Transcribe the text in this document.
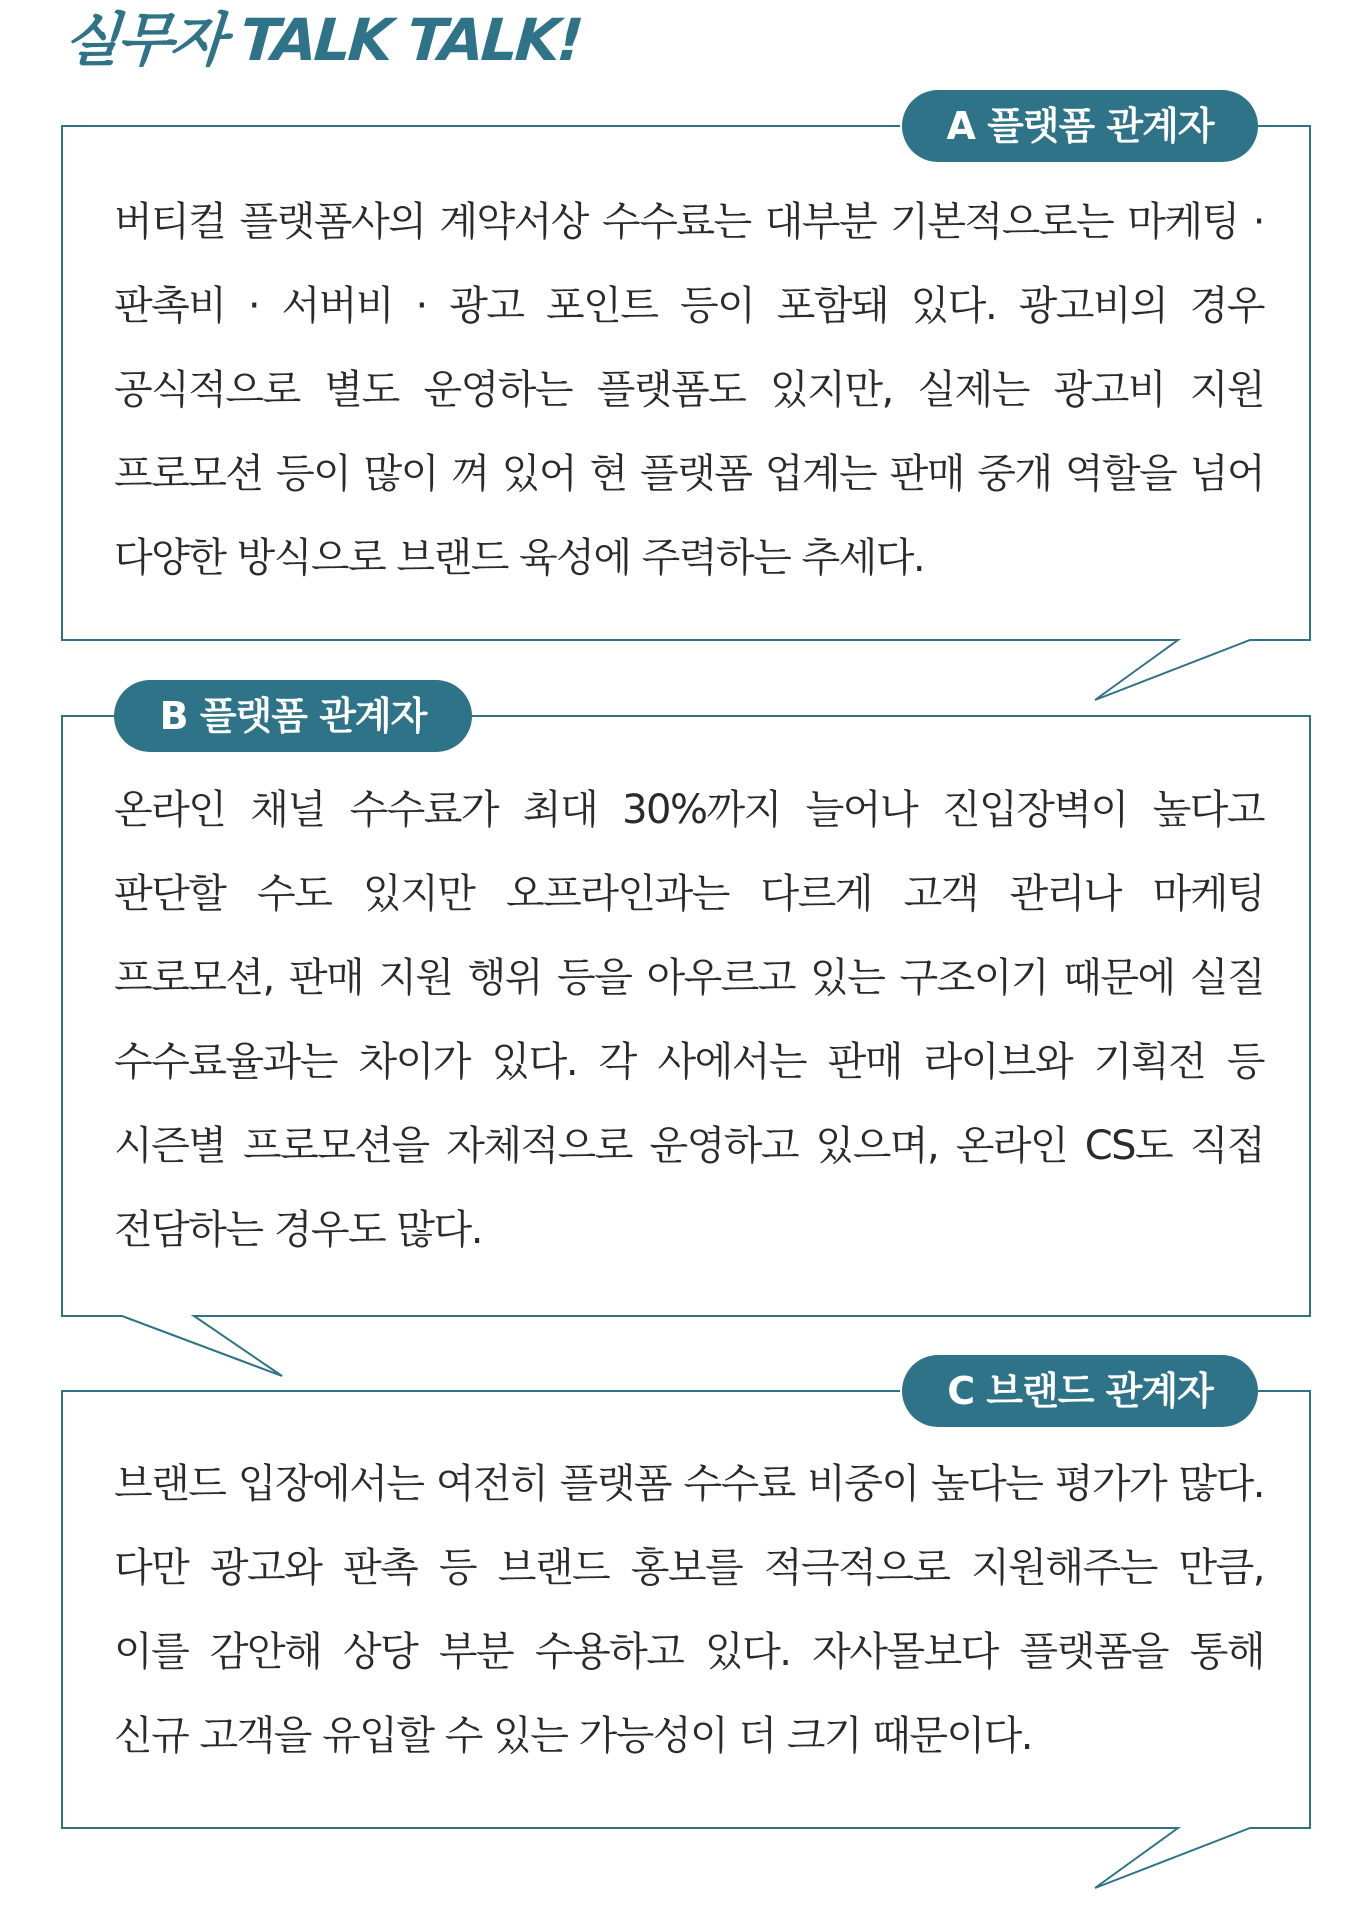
실무자 TALK TALK!
A 플랫폼 관계자

버티컬 플랫폼사의 계약서상 수수료는 대부분 기본적으로는 마케팅 · 판촉비 · 서버비 · 광고 포인트 등이 포함돼 있다. 광고비의 경우 공식적으로 별도 운영하는 플랫폼도 있지만, 실제는 광고비 지원 프로모션 등이 많이 껴 있어 현 플랫폼 업계는 판매 중개 역할을 넘어 다양한 방식으로 브랜드 육성에 주력하는 추세다.

B 플랫폼 관계자

온라인 채널 수수료가 최대 30%까지 늘어나 진입장벽이 높다고 판단할 수도 있지만 오프라인과는 다르게 고객 관리나 마케팅 프로모션, 판매 지원 행위 등을 아우르고 있는 구조이기 때문에 실질 수수료율과는 차이가 있다. 각 사에서는 판매 라이브와 기획전 등 시즌별 프로모션을 자체적으로 운영하고 있으며, 온라인 CS도 직접 전담하는 경우도 많다.

C 브랜드 관계자

브랜드 입장에서는 여전히 플랫폼 수수료 비중이 높다는 평가가 많다. 다만 광고와 판촉 등 브랜드 홍보를 적극적으로 지원해주는 만큼, 이를 감안해 상당 부분 수용하고 있다. 자사몰보다 플랫폼을 통해 신규 고객을 유입할 수 있는 가능성이 더 크기 때문이다.
